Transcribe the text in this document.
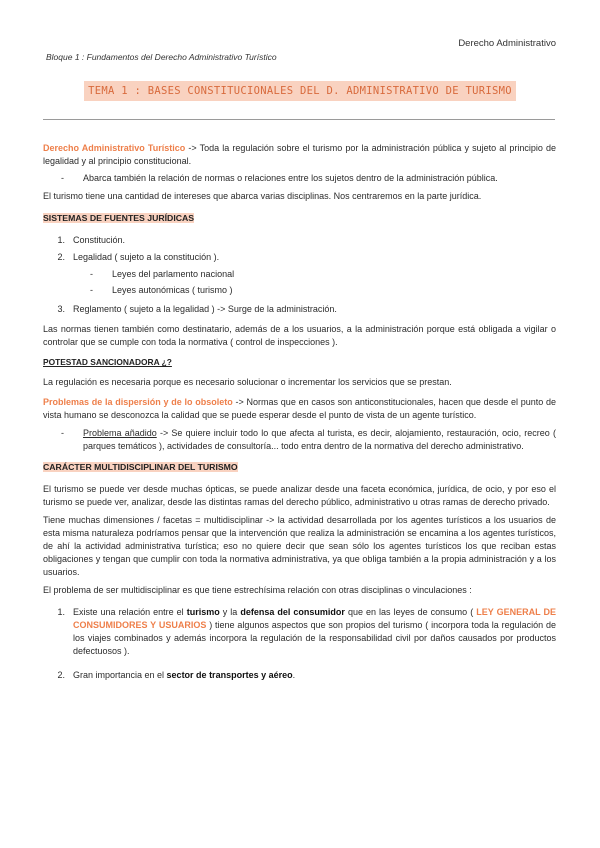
Derecho Administrativo
Bloque 1 : Fundamentos del Derecho Administrativo Turístico
TEMA 1 : BASES CONSTITUCIONALES DEL D. ADMINISTRATIVO DE TURISMO

Derecho Administrativo Turístico -> Toda la regulación sobre el turismo por la administración pública y sujeto al principio de legalidad y al principio constitucional.

-	Abarca también la relación de normas o relaciones entre los sujetos dentro de la administración pública.

El turismo tiene una cantidad de intereses que abarca varias disciplinas. Nos centraremos en la parte jurídica.

SISTEMAS DE FUENTES JURÍDICAS

1. Constitución.
2. Legalidad ( sujeto a la constitución ).
-	Leyes del parlamento nacional
-	Leyes autonómicas ( turismo )
3. Reglamento ( sujeto a la legalidad ) -> Surge de la administración.

Las normas tienen también como destinatario, además de a los usuarios, a la administración porque está obligada a vigilar o controlar que se cumple con toda la normativa ( control de inspecciones ).

POTESTAD SANCIONADORA ¿?

La regulación es necesaria porque es necesario solucionar o incrementar los servicios que se prestan.

Problemas de la dispersión y de lo obsoleto -> Normas que en casos son anticonstitucionales, hacen que desde el punto de vista humano se desconozca la calidad que se puede esperar desde el punto de vista de un agente turístico.

-	Problema añadido -> Se quiere incluir todo lo que afecta al turista, es decir, alojamiento, restauración, ocio, recreo ( parques temáticos ), actividades de consultoría... todo entra dentro de la normativa del derecho administrativo.

CARÁCTER MULTIDISCIPLINAR DEL TURISMO

El turismo se puede ver desde muchas ópticas, se puede analizar desde una faceta económica, jurídica, de ocio, y por eso el turismo se puede ver, analizar, desde las distintas ramas del derecho público, administrativo u otras ramas de derecho privado.

Tiene muchas dimensiones / facetas = multidisciplinar -> la actividad desarrollada por los agentes turísticos a los usuarios de esta misma naturaleza podríamos pensar que la intervención que realiza la administración se encamina a los agentes turísticos, de ahí la actividad administrativa turística; eso no quiere decir que sean sólo los agentes turísticos los que reciban estas obligaciones y tengan que cumplir con toda la normativa administrativa, ya que obliga también a la propia administración y a los usuarios.

El problema de ser multidisciplinar es que tiene estrechísima relación con otras disciplinas o vinculaciones :

1. Existe una relación entre el turismo y la defensa del consumidor que en las leyes de consumo ( LEY GENERAL DE CONSUMIDORES Y USUARIOS ) tiene algunos aspectos que son propios del turismo ( incorpora toda la regulación de los viajes combinados y además incorpora la regulación de la responsabilidad civil por daños causados por productos defectuosos ).
2. Gran importancia en el sector de transportes y aéreo.
